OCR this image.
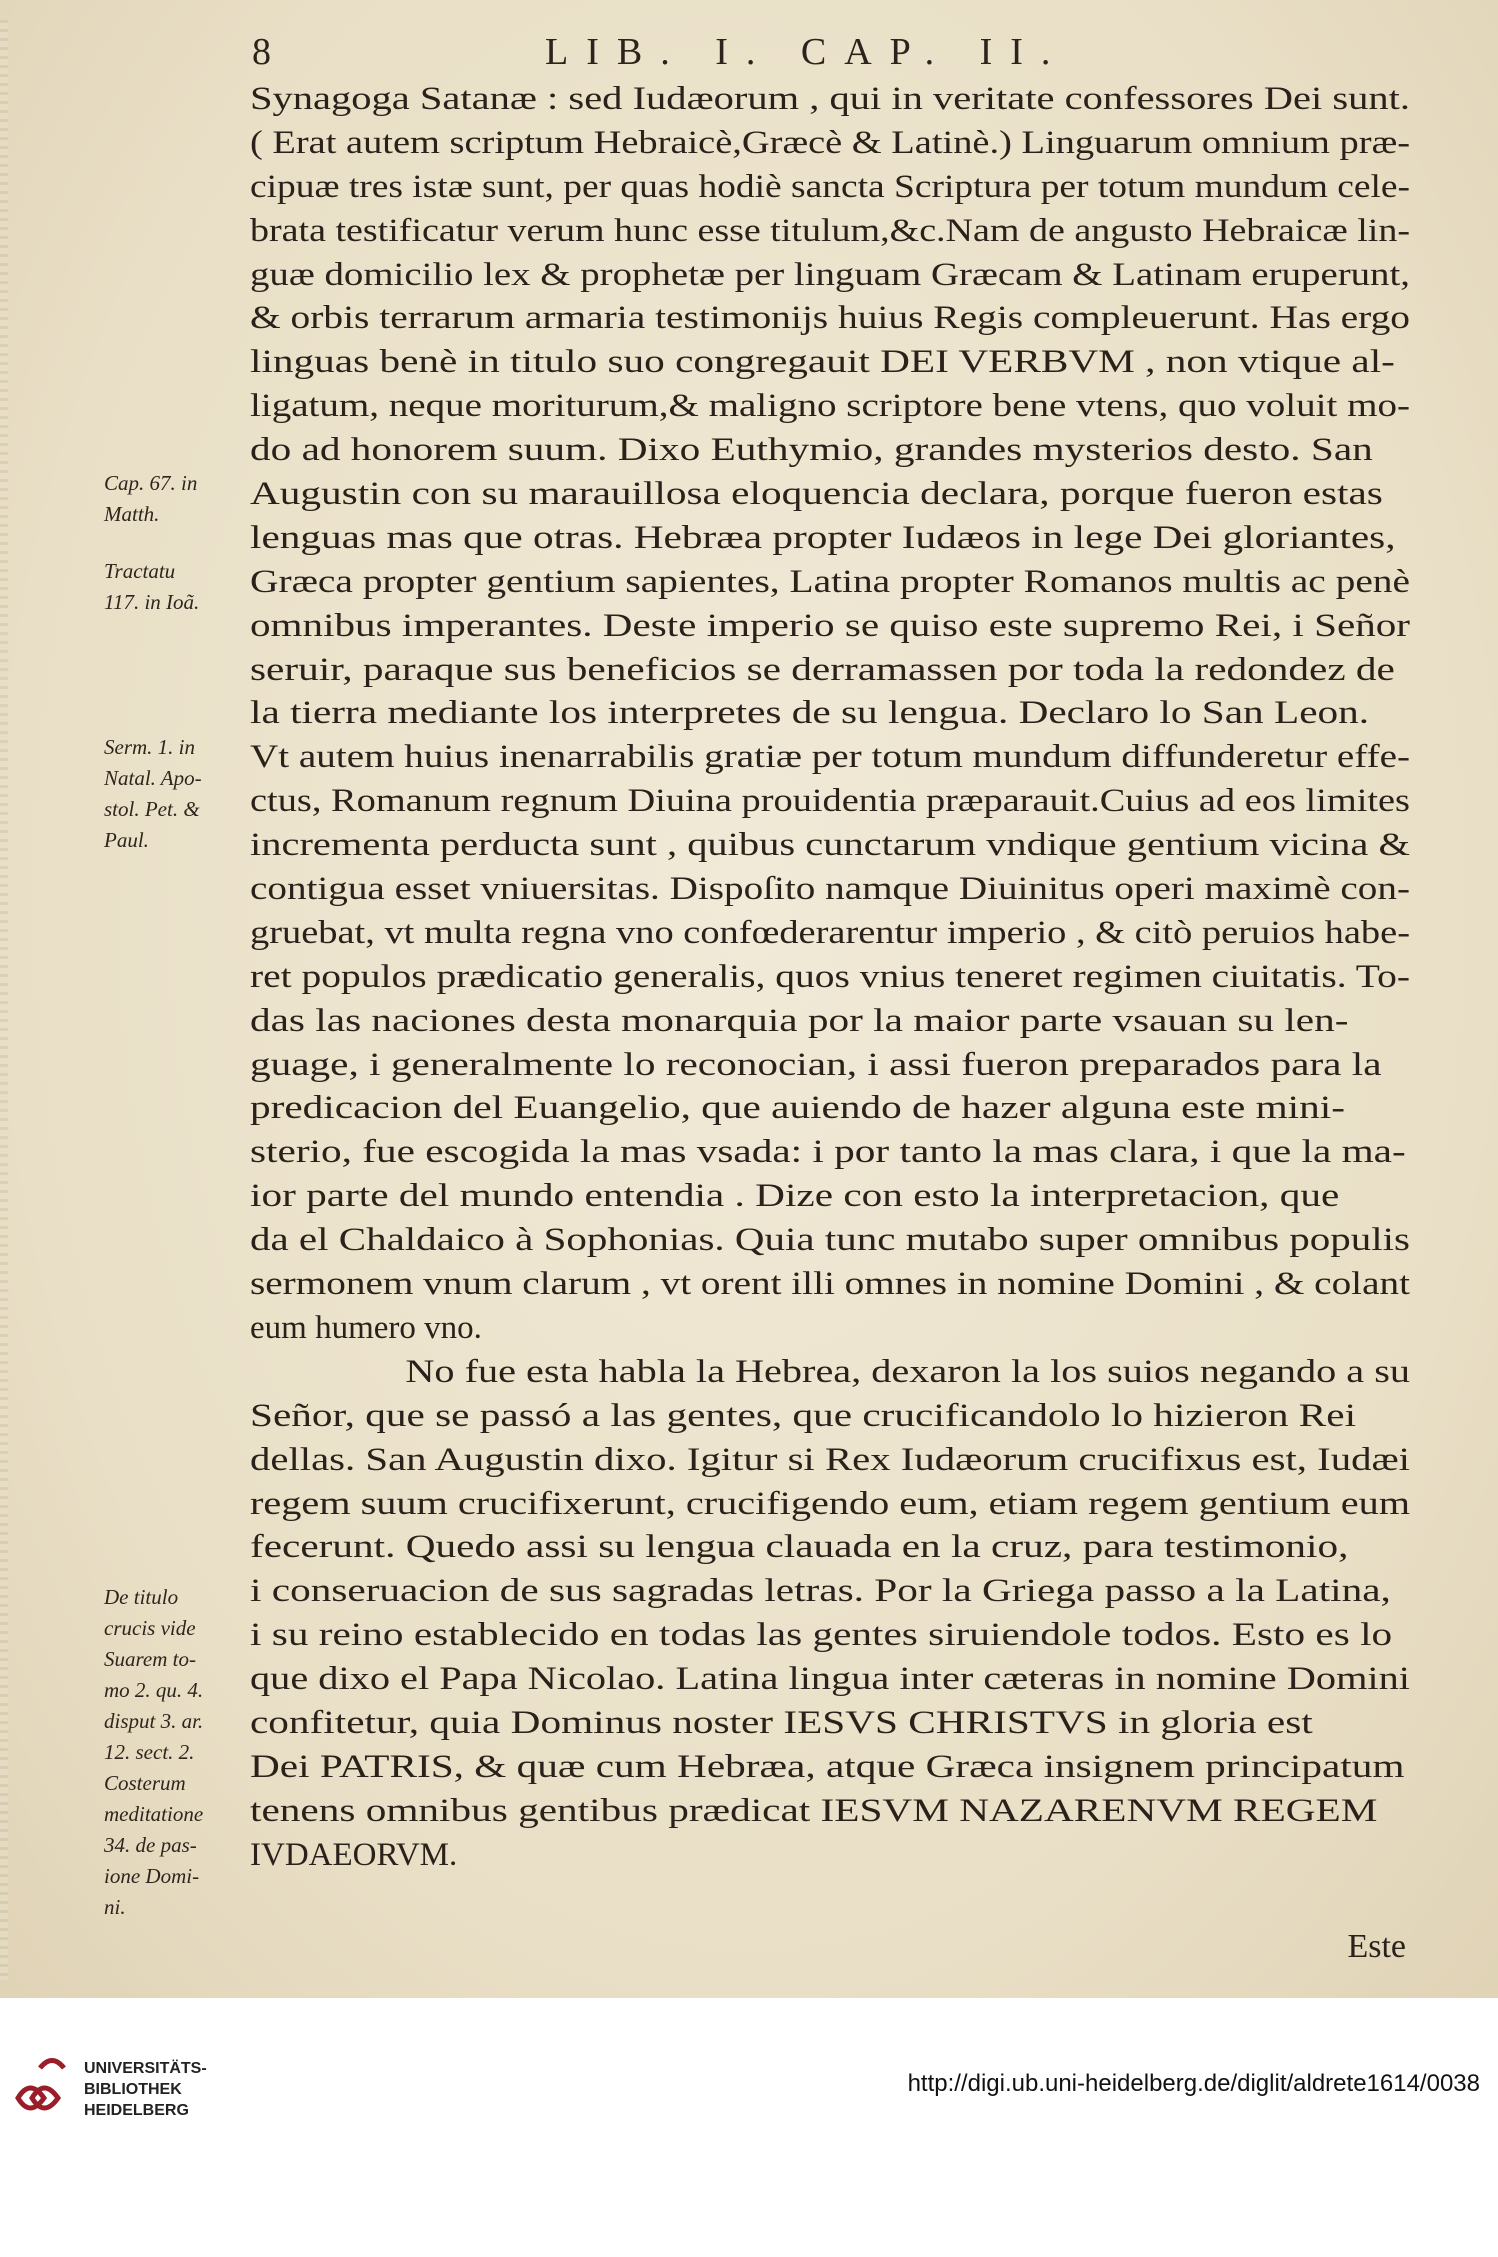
8	LIB. I. CAP. II.
Synagoga Satanæ : sed Iudæorum , qui in veritate confessores Dei sunt.
( Erat autem scriptum Hebraicè,Græcè & Latinè.) Linguarum omnium præ-
cipuæ tres istæ sunt, per quas hodiè sancta Scriptura per totum mundum cele-
brata testificatur verum hunc esse titulum,&c.Nam de angusto Hebraicæ lin-
guæ domicilio lex & prophetæ per linguam Græcam & Latinam eruperunt,
& orbis terrarum armaria testimonijs huius Regis compleuerunt. Has ergo
linguas benè in titulo suo congregauit DEI VERBVM , non vtique al-
ligatum, neque moriturum,& maligno scriptore bene vtens, quo voluit mo-
do ad honorem suum. Dixo Euthymio, grandes mysterios desto. San
Augustin con su marauillosa eloquencia declara, porque fueron estas
lenguas mas que otras. Hebræa propter Iudæos in lege Dei gloriantes,
Græca propter gentium sapientes, Latina propter Romanos multis ac penè
omnibus imperantes. Deste imperio se quiso este supremo Rei, i Señor
seruir, paraque sus beneficios se derramassen por toda la redondez de
la tierra mediante los interpretes de su lengua. Declaro lo San Leon.
Vt autem huius inenarrabilis gratiæ per totum mundum diffunderetur effe-
ctus, Romanum regnum Diuina prouidentia præparauit.Cuius ad eos limites
incrementa perducta sunt , quibus cunctarum vndique gentium vicina &
contigua esset vniuersitas. Dispoſito namque Diuinitus operi maximè con-
gruebat, vt multa regna vno confœderarentur imperio , & citò peruios habe-
ret populos prædicatio generalis, quos vnius teneret regimen ciuitatis. To-
das las naciones desta monarquia por la maior parte vsauan su len-
guage, i generalmente lo reconocian, i assi fueron preparados para la
predicacion del Euangelio, que auiendo de hazer alguna este mini-
sterio, fue escogida la mas vsada: i por tanto la mas clara, i que la ma-
ior parte del mundo entendia . Dize con esto la interpretacion, que
da el Chaldaico à Sophonias. Quia tunc mutabo super omnibus populis
sermonem vnum clarum , vt orent illi omnes in nomine Domini , & colant
eum humero vno.
No fue esta habla la Hebrea, dexaron la los suios negando a su
Señor, que se passó a las gentes, que crucificandolo lo hizieron Rei
dellas. San Augustin dixo. Igitur si Rex Iudæorum crucifixus est, Iudæi
regem suum crucifixerunt, crucifigendo eum, etiam regem gentium eum
fecerunt. Quedo assi su lengua clauada en la cruz, para testimonio,
i conseruacion de sus sagradas letras. Por la Griega passo a la Latina,
i su reino establecido en todas las gentes siruiendole todos. Esto es lo
que dixo el Papa Nicolao. Latina lingua inter cæteras in nomine Domini
confitetur, quia Dominus noster IESVS CHRISTVS in gloria est
Dei PATRIS, & quæ cum Hebræa, atque Græca insignem principatum
tenens omnibus gentibus prædicat IESVM NAZARENVM REGEM
IVDAEORVM.
Cap. 67. in
Matth.
Tractatu
117. in Ioã.
Serm. 1. in
Natal. Apo-
stol. Pet. &
Paul.
De titulo
crucis vide
Suarem to-
mo 2. qu. 4.
disput 3. ar.
12. sect. 2.
Costerum
meditatione
34. de pas-
ione Domi-
ni.
Este
UNIVERSITÄTS-
BIBLIOTHEK
HEIDELBERG
http://digi.ub.uni-heidelberg.de/diglit/aldrete1614/0038
